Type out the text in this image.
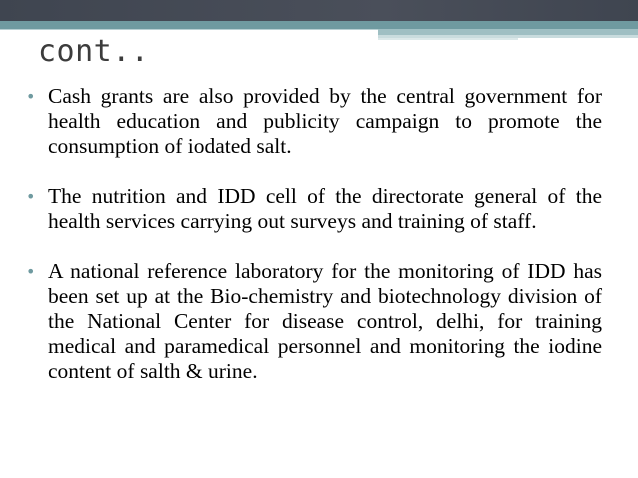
cont..
• Cash grants are also provided by the central government for health education and publicity campaign to promote the consumption of iodated salt.
• The nutrition and IDD cell of the directorate general of the health services carrying out surveys and training of staff.
• A national reference laboratory for the monitoring of IDD has been set up at the Bio-chemistry and biotechnology division of the National Center for disease control, delhi, for training medical and paramedical personnel and monitoring the iodine content of salth & urine.
